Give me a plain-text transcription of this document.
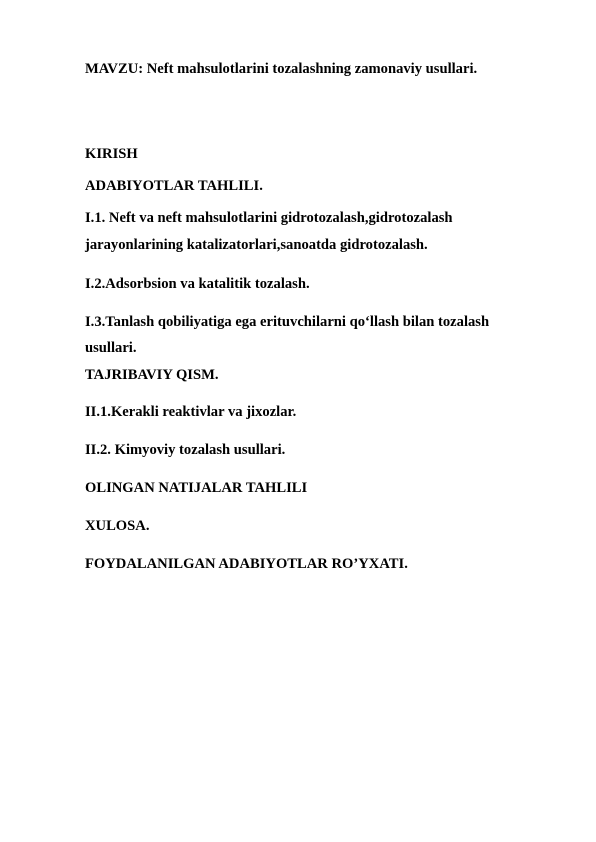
MAVZU: Neft mahsulotlarini tozalashning zamonaviy usullari.
KIRISH
ADABIYOTLAR TAHLILI.
I.1. Neft va neft mahsulotlarini gidrotozalash,gidrotozalash
jarayonlarining katalizatorlari,sanoatda gidrotozalash.
I.2.Adsorbsion va katalitik tozalash.
I.3.Tanlash qobiliyatiga ega erituvchilarni qo‘llash bilan tozalash
usullari.
TAJRIBAVIY QISM.
II.1.Kerakli reaktivlar va jixozlar.
II.2. Kimyoviy tozalash usullari.
OLINGAN NATIJALAR TAHLILI
XULOSA.
FOYDALANILGAN ADABIYOTLAR RO’YXATI.
